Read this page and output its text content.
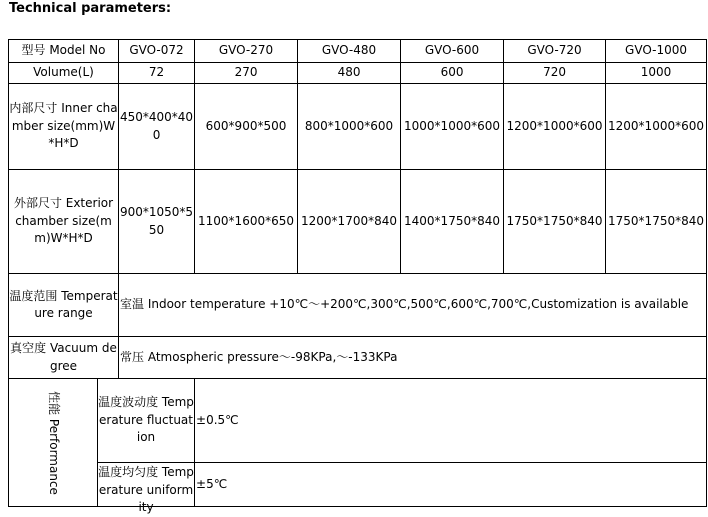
Technical parameters:
型号 Model No		GVO-072	GVO-270	GVO-480	GVO-600	GVO-720	GVO-1000
Volume(L)		72	270	480	600	720	1000
内部尺寸 Inner chamber size(mm)W*H*D		450*400*400	600*900*500	800*1000*600	1000*1000*600	1200*1000*600	1200*1000*600
外部尺寸 Exterior chamber size(mm)W*H*D		900*1050*550	1100*1600*650	1200*1700*840	1400*1750*840	1750*1750*840	1750*1750*840
温度范围 Temperature range		室温 Indoor temperature +10℃～+200℃,300℃,500℃,600℃,700℃,Customization is available					
真空度 Vacuum degree		常压 Atmospheric pressure～-98KPa,～-133KPa					

性能 Performance	温度波动度 Temperature fluctuation		±0.5℃				

	温度均匀度 Temperature uniformity		±5℃				
